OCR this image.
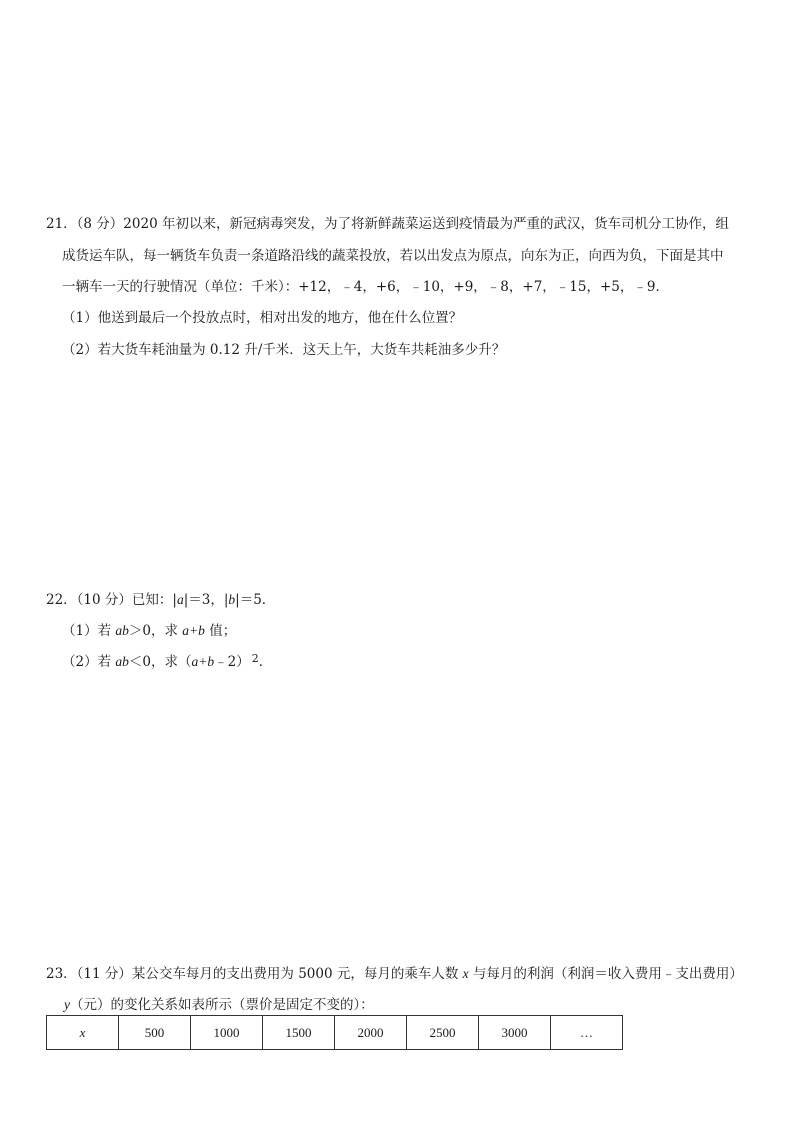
21．（8 分）2020 年初以来，新冠病毒突发，为了将新鲜蔬菜运送到疫情最为严重的武汉，货车司机分工协作，组
成货运车队，每一辆货车负责一条道路沿线的蔬菜投放，若以出发点为原点，向东为正，向西为负，下面是其中
一辆车一天的行驶情况（单位：千米）：+12，﹣4，+6，﹣10，+9，﹣8，+7，﹣15，+5，﹣9．
（1）他送到最后一个投放点时，相对出发的地方，他在什么位置？
（2）若大货车耗油量为 0.12 升/千米．这天上午，大货车共耗油多少升？
22．（10 分）已知：|a|＝3，|b|＝5．
（1）若 ab＞0，求 a+b 值；
（2）若 ab＜0，求（a+b﹣2） $^2$．
23．（11 分）某公交车每月的支出费用为 5000 元，每月的乘车人数 x 与每月的利润（利润＝收入费用﹣支出费用）
y（元）的变化关系如表所示（票价是固定不变的）：
x	500	1000	1500	2000	2500	3000	…
